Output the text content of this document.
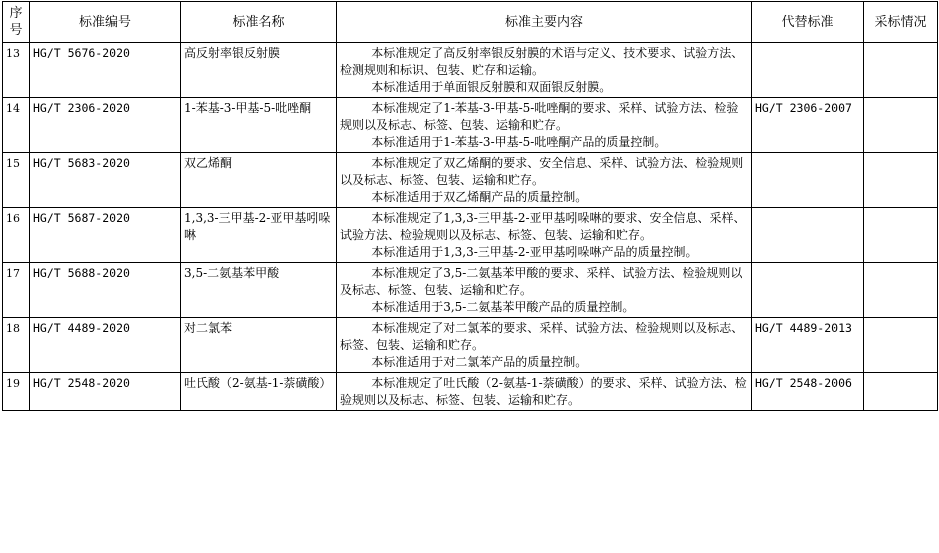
序号	标准编号	标准名称	标准主要内容	代替标准	采标情况
13	HG/T 5676-2020	高反射率银反射膜	本标准规定了高反射率银反射膜的术语与定义、技术要求、试验方法、检测规则和标识、包装、贮存和运输。

本标准适用于单面银反射膜和双面银反射膜。		

14	HG/T 2306-2020	1-苯基-3-甲基-5-吡唑酮	本标准规定了1-苯基-3-甲基-5-吡唑酮的要求、采样、试验方法、检验规则以及标志、标签、包装、运输和贮存。

本标准适用于1-苯基-3-甲基-5-吡唑酮产品的质量控制。	HG/T 2306-2007	
15	HG/T 5683-2020	双乙烯酮	本标准规定了双乙烯酮的要求、安全信息、采样、试验方法、检验规则以及标志、标签、包装、运输和贮存。

本标准适用于双乙烯酮产品的质量控制。		

16	HG/T 5687-2020	1,3,3-三甲基-2-亚甲基吲哚啉	本标准规定了1,3,3-三甲基-2-亚甲基吲哚啉的要求、安全信息、采样、试验方法、检验规则以及标志、标签、包装、运输和贮存。

本标准适用于1,3,3-三甲基-2-亚甲基吲哚啉产品的质量控制。		

17	HG/T 5688-2020	3,5-二氨基苯甲酸	本标准规定了3,5-二氨基苯甲酸的要求、采样、试验方法、检验规则以及标志、标签、包装、运输和贮存。

本标准适用于3,5-二氨基苯甲酸产品的质量控制。		

18	HG/T 4489-2020	对二氯苯	本标准规定了对二氯苯的要求、采样、试验方法、检验规则以及标志、标签、包装、运输和贮存。

本标准适用于对二氯苯产品的质量控制。	HG/T 4489-2013	
19	HG/T 2548-2020	吐氏酸（2-氨基-1-萘磺酸）	本标准规定了吐氏酸（2-氨基-1-萘磺酸）的要求、采样、试验方法、检验规则以及标志、标签、包装、运输和贮存。	HG/T 2548-2006	
